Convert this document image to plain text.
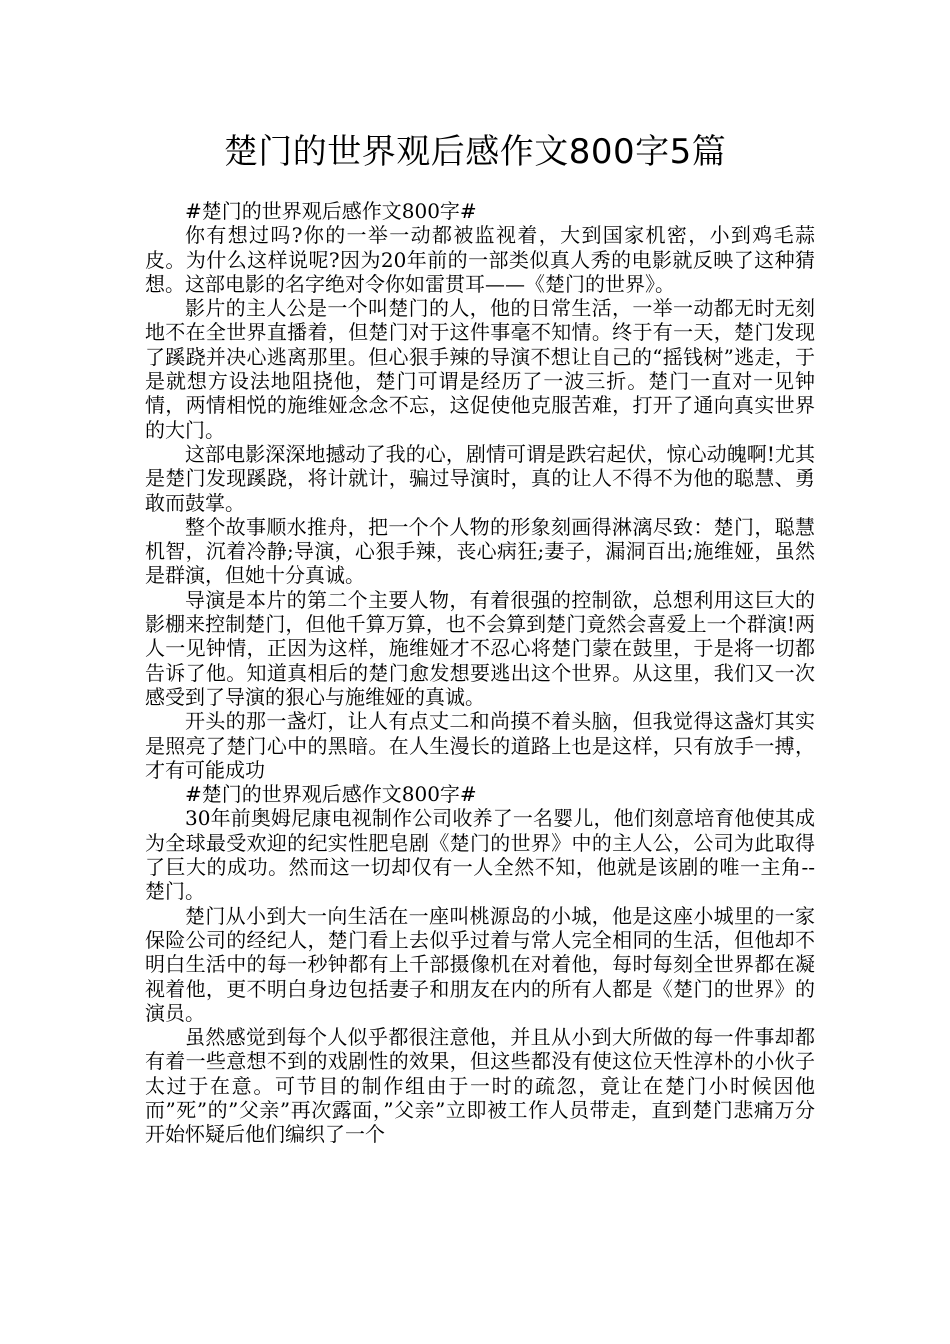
楚门的世界观后感作文800字5篇

#楚门的世界观后感作文800字#

你有想过吗?你的一举一动都被监视着，大到国家机密，小到鸡毛蒜皮。为什么这样说呢?因为20年前的一部类似真人秀的电影就反映了这种猜想。这部电影的名字绝对令你如雷贯耳——《楚门的世界》。

影片的主人公是一个叫楚门的人，他的日常生活，一举一动都无时无刻地不在全世界直播着，但楚门对于这件事毫不知情。终于有一天，楚门发现了蹊跷并决心逃离那里。但心狠手辣的导演不想让自己的“摇钱树”逃走，于是就想方设法地阻挠他，楚门可谓是经历了一波三折。楚门一直对一见钟情，两情相悦的施维娅念念不忘，这促使他克服苦难，打开了通向真实世界的大门。

这部电影深深地撼动了我的心，剧情可谓是跌宕起伏，惊心动魄啊!尤其是楚门发现蹊跷，将计就计，骗过导演时，真的让人不得不为他的聪慧、勇敢而鼓掌。

整个故事顺水推舟，把一个个人物的形象刻画得淋漓尽致：楚门，聪慧机智，沉着冷静;导演，心狠手辣，丧心病狂;妻子，漏洞百出;施维娅，虽然是群演，但她十分真诚。

导演是本片的第二个主要人物，有着很强的控制欲，总想利用这巨大的影棚来控制楚门，但他千算万算，也不会算到楚门竟然会喜爱上一个群演!两人一见钟情，正因为这样，施维娅才不忍心将楚门蒙在鼓里，于是将一切都告诉了他。知道真相后的楚门愈发想要逃出这个世界。从这里，我们又一次感受到了导演的狠心与施维娅的真诚。

开头的那一盏灯，让人有点丈二和尚摸不着头脑，但我觉得这盏灯其实是照亮了楚门心中的黑暗。在人生漫长的道路上也是这样，只有放手一搏，才有可能成功

#楚门的世界观后感作文800字#

30年前奥姆尼康电视制作公司收养了一名婴儿，他们刻意培育他使其成为全球最受欢迎的纪实性肥皂剧《楚门的世界》中的主人公，公司为此取得了巨大的成功。然而这一切却仅有一人全然不知，他就是该剧的唯一主角--楚门。

楚门从小到大一向生活在一座叫桃源岛的小城，他是这座小城里的一家保险公司的经纪人，楚门看上去似乎过着与常人完全相同的生活，但他却不明白生活中的每一秒钟都有上千部摄像机在对着他，每时每刻全世界都在凝视着他，更不明白身边包括妻子和朋友在内的所有人都是《楚门的世界》的演员。

虽然感觉到每个人似乎都很注意他，并且从小到大所做的每一件事却都有着一些意想不到的戏剧性的效果，但这些都没有使这位天性淳朴的小伙子太过于在意。可节目的制作组由于一时的疏忽，竟让在楚门小时候因他而”死”的”父亲”再次露面，”父亲”立即被工作人员带走，直到楚门悲痛万分开始怀疑后他们编织了一个
